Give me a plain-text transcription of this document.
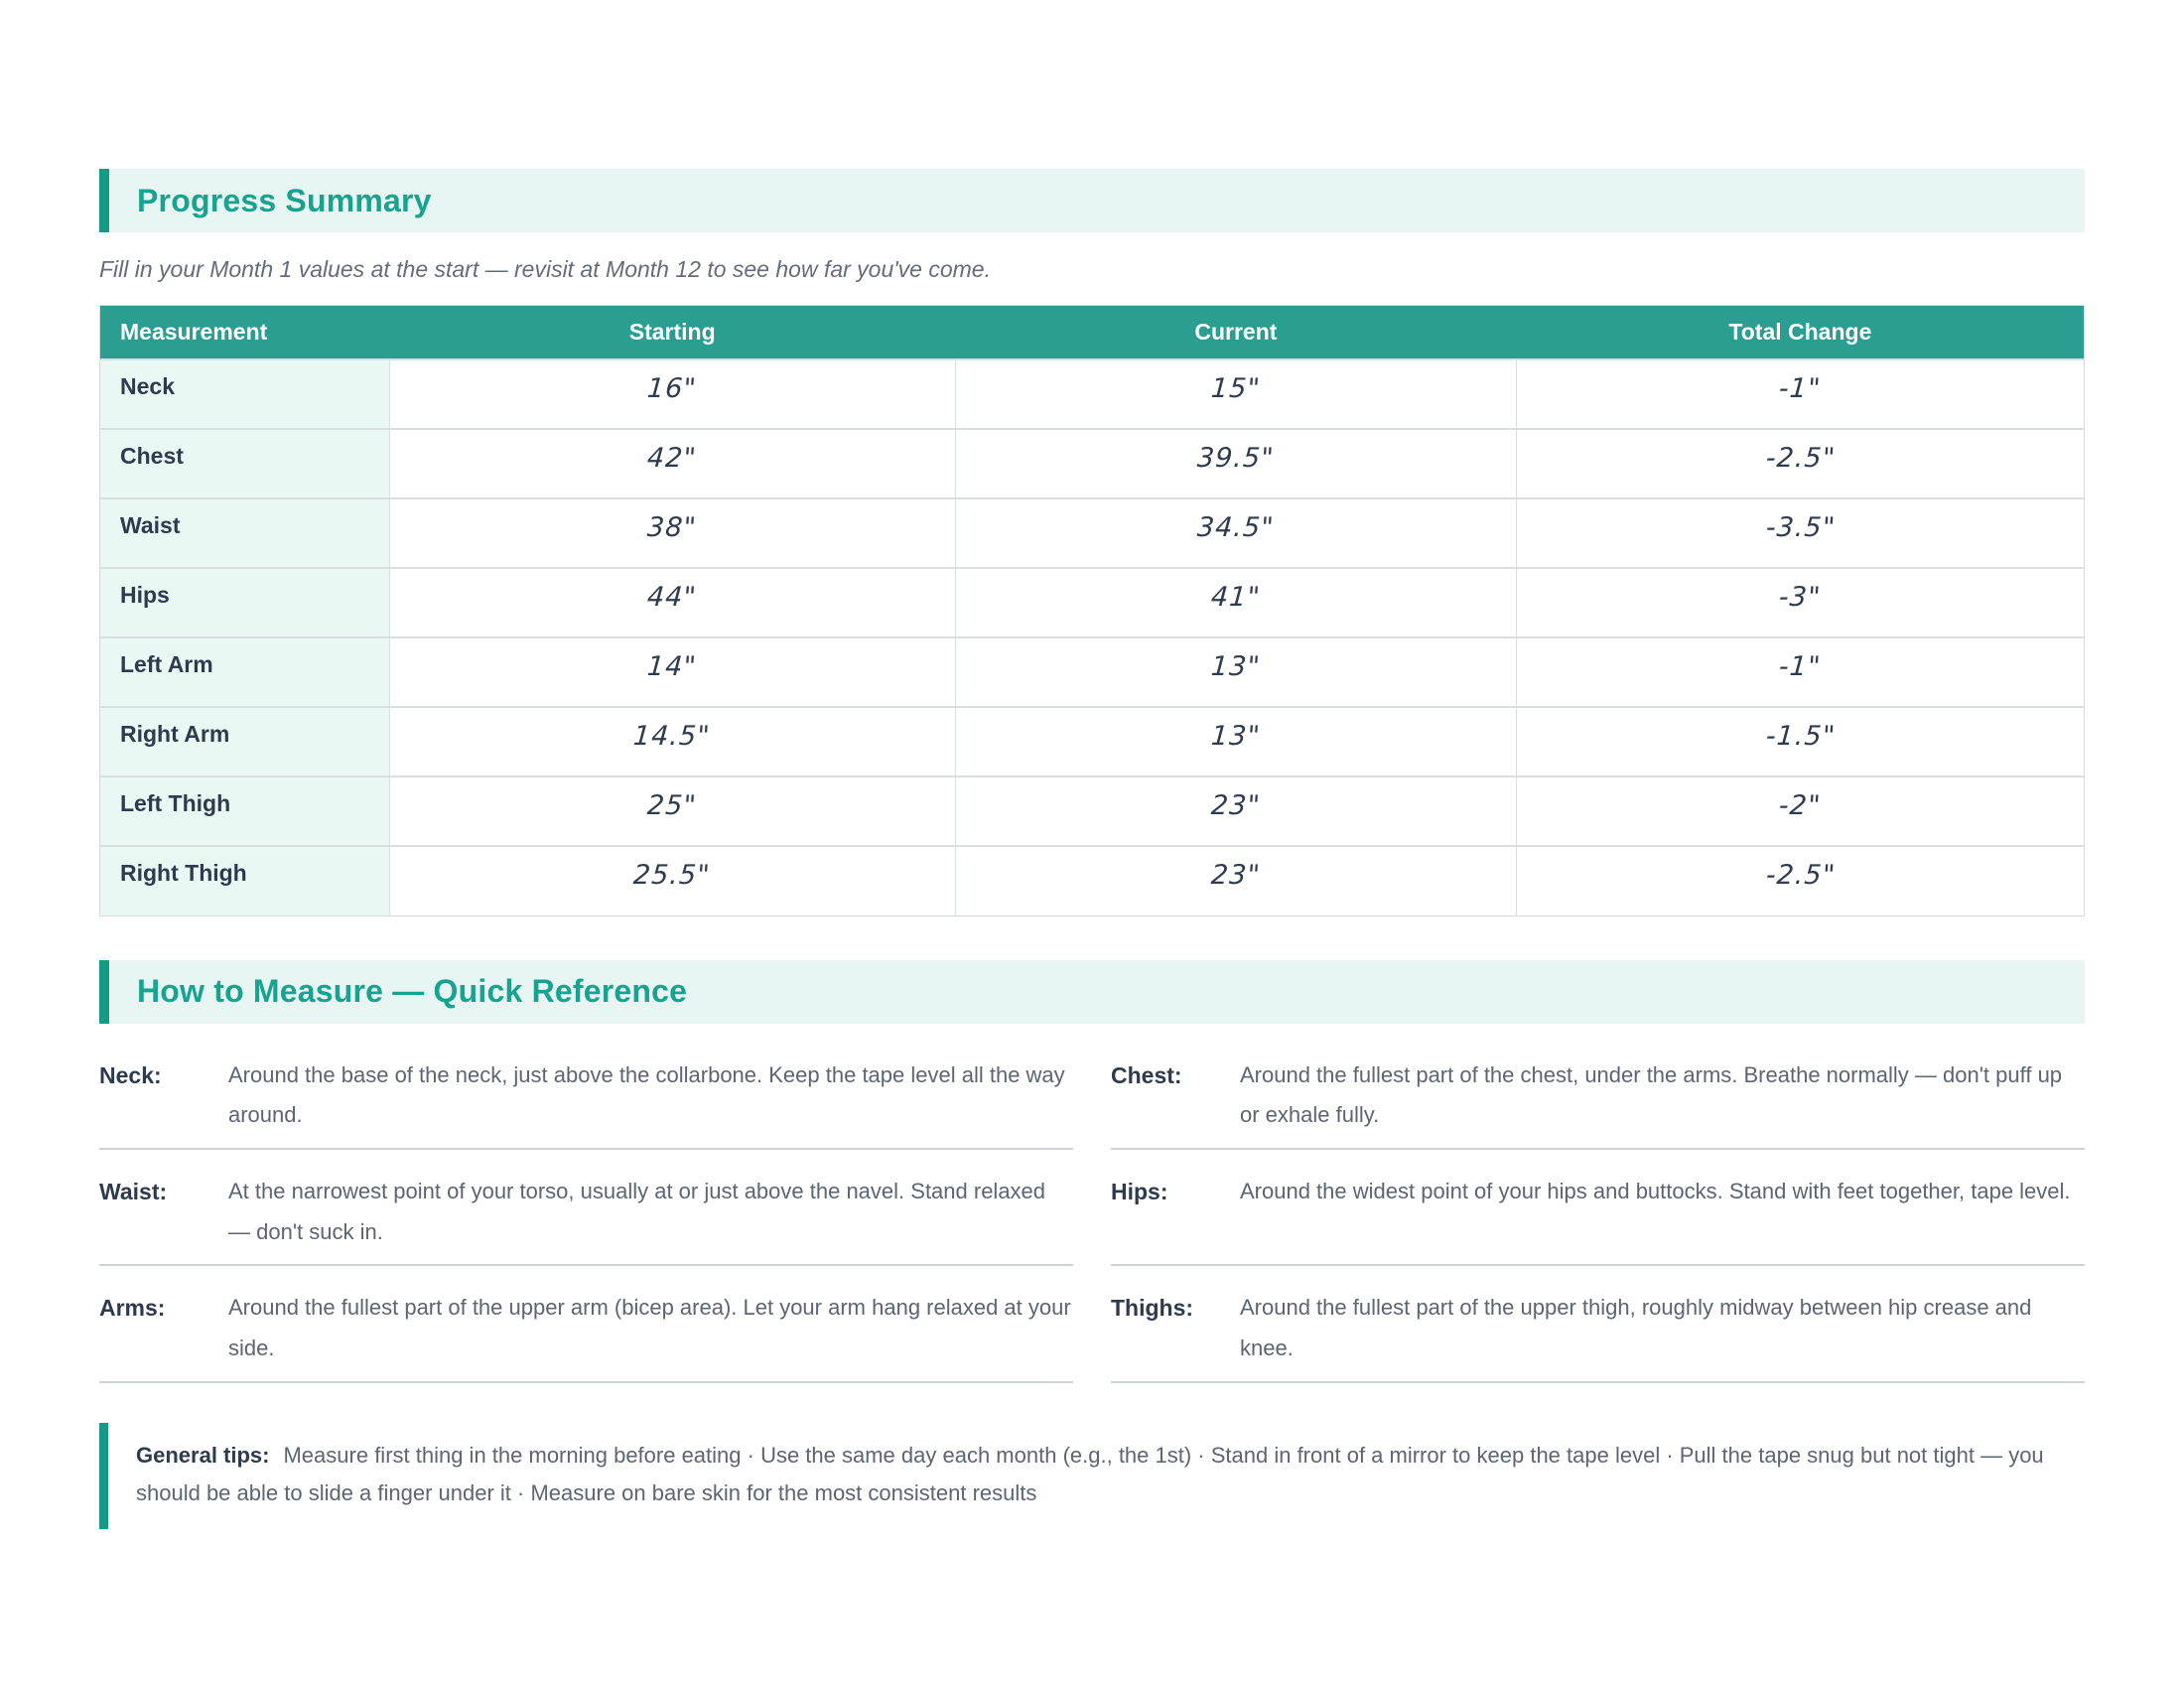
Progress Summary

Fill in your Month 1 values at the start — revisit at Month 12 to see how far you've come.

Measurement	Starting	Current	Total Change
Neck	16"	15"	-1"
Chest	42"	39.5"	-2.5"
Waist	38"	34.5"	-3.5"
Hips	44"	41"	-3"
Left Arm	14"	13"	-1"
Right Arm	14.5"	13"	-1.5"
Left Thigh	25"	23"	-2"
Right Thigh	25.5"	23"	-2.5"
How to Measure — Quick Reference
Neck:	Around the base of the neck, just above the collarbone. Keep the tape level all the way around.
Chest:	Around the fullest part of the chest, under the arms. Breathe normally — don't puff up or exhale fully.
Waist:	At the narrowest point of your torso, usually at or just above the navel. Stand relaxed — don't suck in.
Hips:	Around the widest point of your hips and buttocks. Stand with feet together, tape level.
Arms:	Around the fullest part of the upper arm (bicep area). Let your arm hang relaxed at your side.
Thighs:	Around the fullest part of the upper thigh, roughly midway between hip crease and knee.
General tips: Measure first thing in the morning before eating · Use the same day each month (e.g., the 1st) · Stand in front of a mirror to keep the tape level · Pull the tape snug but not tight — you should be able to slide a finger under it · Measure on bare skin for the most consistent results
